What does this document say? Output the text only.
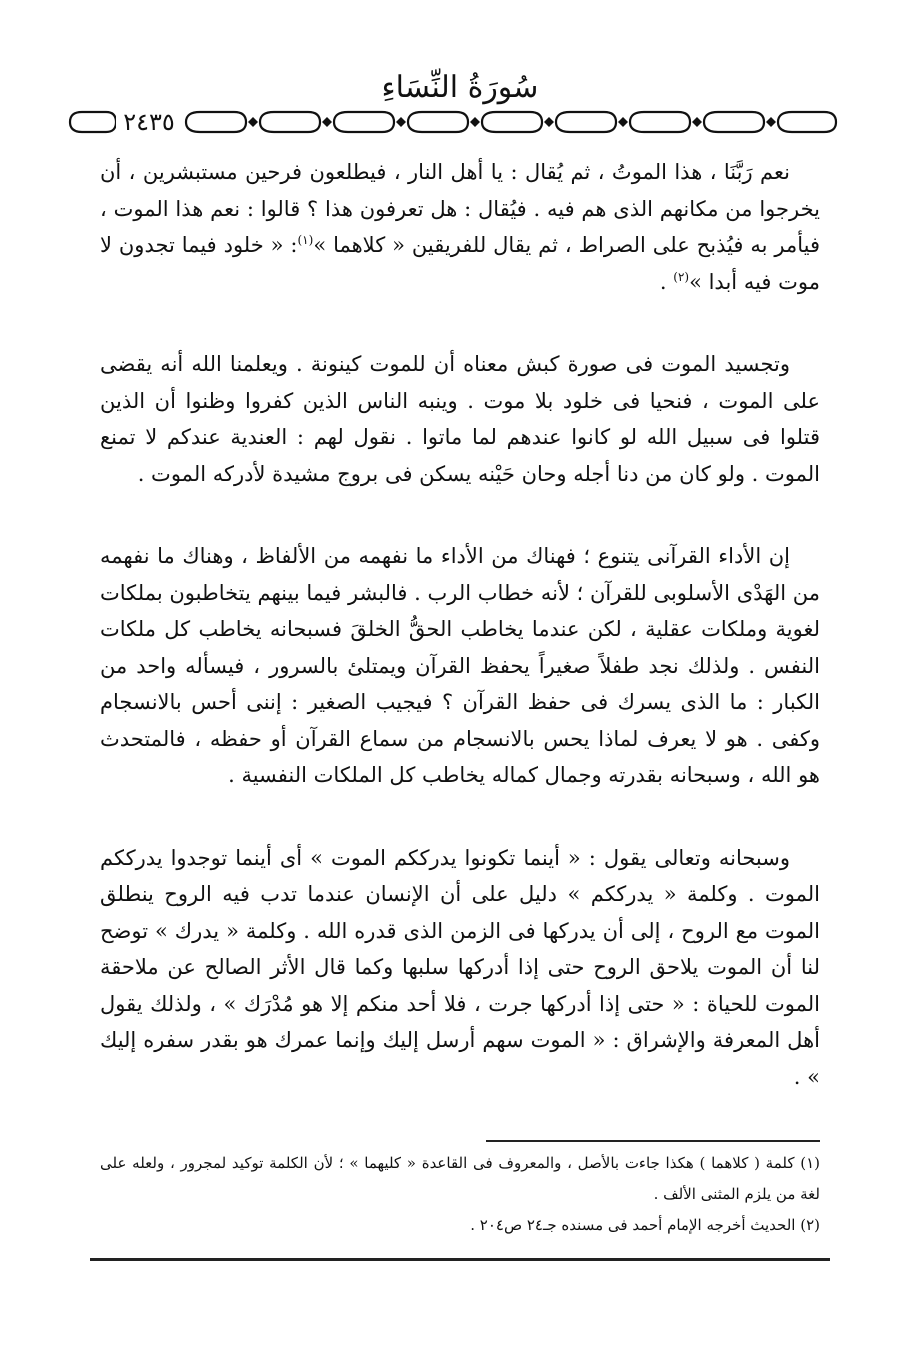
سُورَةُ النِّسَاءِ
٢٤٣٥

نعم رَبَّنَا ، هذا الموتُ ، ثم يُقال : يا أهل النار ، فيطلعون فرحين مستبشرين ، أن يخرجوا من مكانهم الذى هم فيه . فيُقال : هل تعرفون هذا ؟ قالوا : نعم هذا الموت ، فيأمر به فيُذبح على الصراط ، ثم يقال للفريقين « كلاهما »$^{(١)}$: « خلود فيما تجدون لا موت فيه أبدا »$^{(٢)}$ .

وتجسيد الموت فى صورة كبش معناه أن للموت كينونة . ويعلمنا الله أنه يقضى على الموت ، فنحيا فى خلود بلا موت . وينبه الناس الذين كفروا وظنوا أن الذين قتلوا فى سبيل الله لو كانوا عندهم لما ماتوا . نقول لهم : العندية عندكم لا تمنع الموت . ولو كان من دنا أجله وحان حَيْنه يسكن فى بروج مشيدة لأدركه الموت .

إن الأداء القرآنى يتنوع ؛ فهناك من الأداء ما نفهمه من الألفاظ ، وهناك ما نفهمه من الهَدْى الأسلوبى للقرآن ؛ لأنه خطاب الرب . فالبشر فيما بينهم يتخاطبون بملكات لغوية وملكات عقلية ، لكن عندما يخاطب الحقُّ الخلقَ فسبحانه يخاطب كل ملكات النفس . ولذلك نجد طفلاً صغيراً يحفظ القرآن ويمتلئ بالسرور ، فيسأله واحد من الكبار : ما الذى يسرك فى حفظ القرآن ؟ فيجيب الصغير : إننى أحس بالانسجام وكفى . هو لا يعرف لماذا يحس بالانسجام من سماع القرآن أو حفظه ، فالمتحدث هو الله ، وسبحانه بقدرته وجمال كماله يخاطب كل الملكات النفسية .

وسبحانه وتعالى يقول : « أينما تكونوا يدرككم الموت » أى أينما توجدوا يدرككم الموت . وكلمة « يدرككم » دليل على أن الإنسان عندما تدب فيه الروح ينطلق الموت مع الروح ، إلى أن يدركها فى الزمن الذى قدره الله . وكلمة « يدرك » توضح لنا أن الموت يلاحق الروح حتى إذا أدركها سلبها وكما قال الأثر الصالح عن ملاحقة الموت للحياة : « حتى إذا أدركها جرت ، فلا أحد منكم إلا هو مُدْرَك » ، ولذلك يقول أهل المعرفة والإشراق : « الموت سهم أرسل إليك وإنما عمرك هو بقدر سفره إليك » .

(١) كلمة ( كلاهما ) هكذا جاءت بالأصل ، والمعروف فى القاعدة « كليهما » ؛ لأن الكلمة توكيد لمجرور ، ولعله على لغة من يلزم المثنى الألف .

(٢) الحديث أخرجه الإمام أحمد فى مسنده جـ٢٤ ص٢٠٤ .
